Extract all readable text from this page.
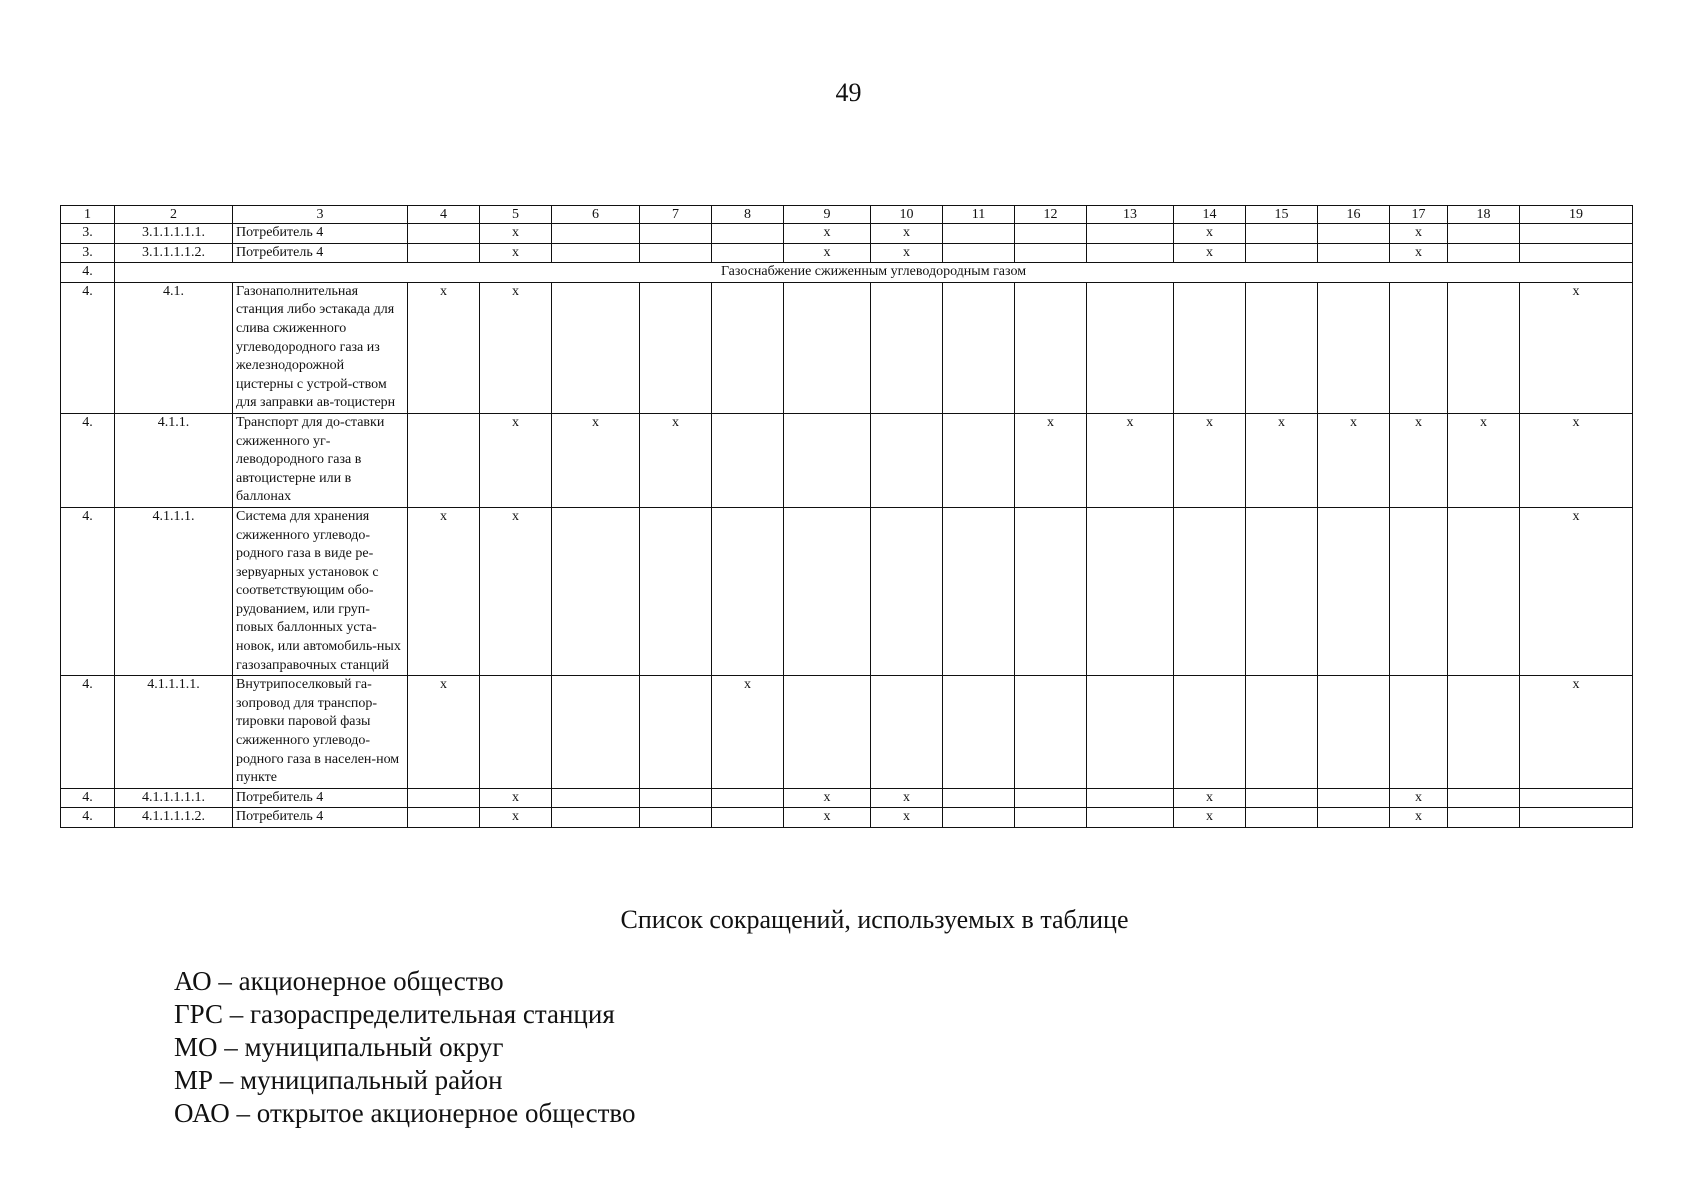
49
1	2	3	4	5	6	7	8	9	10	11	12	13	14	15	16	17	18	19
3.	3.1.1.1.1.1.	Потребитель 4		x				x	x				x			x		
3.	3.1.1.1.1.2.	Потребитель 4		x				x	x				x			x		
4.	Газоснабжение сжиженным углеводородным газом																	
4.	4.1.	Газонаполнительная станция либо эстакада для слива сжиженного углеводородного газа из железнодорожной цистерны с устрой-ством для заправки ав-тоцистерн	x	x														x
4.	4.1.1.	Транспорт для до-ставки сжиженного уг-леводородного газа в автоцистерне или в баллонах		x	x	x					x	x	x	x	x	x	x	x
4.	4.1.1.1.	Система для хранения сжиженного углеводо-родного газа в виде ре-зервуарных установок с соответствующим обо-рудованием, или груп-повых баллонных уста-новок, или автомобиль-ных газозаправочных станций	x	x														x
4.	4.1.1.1.1.	Внутрипоселковый га-зопровод для транспор-тировки паровой фазы сжиженного углеводо-родного газа в населен-ном пункте	x				x											x
4.	4.1.1.1.1.1.	Потребитель 4		x				x	x				x			x		
4.	4.1.1.1.1.2.	Потребитель 4		x				x	x				x			x		
Список сокращений, используемых в таблице
АО – акционерное общество
ГРС – газораспределительная станция
МО – муниципальный округ
МР – муниципальный район
ОАО – открытое акционерное общество
